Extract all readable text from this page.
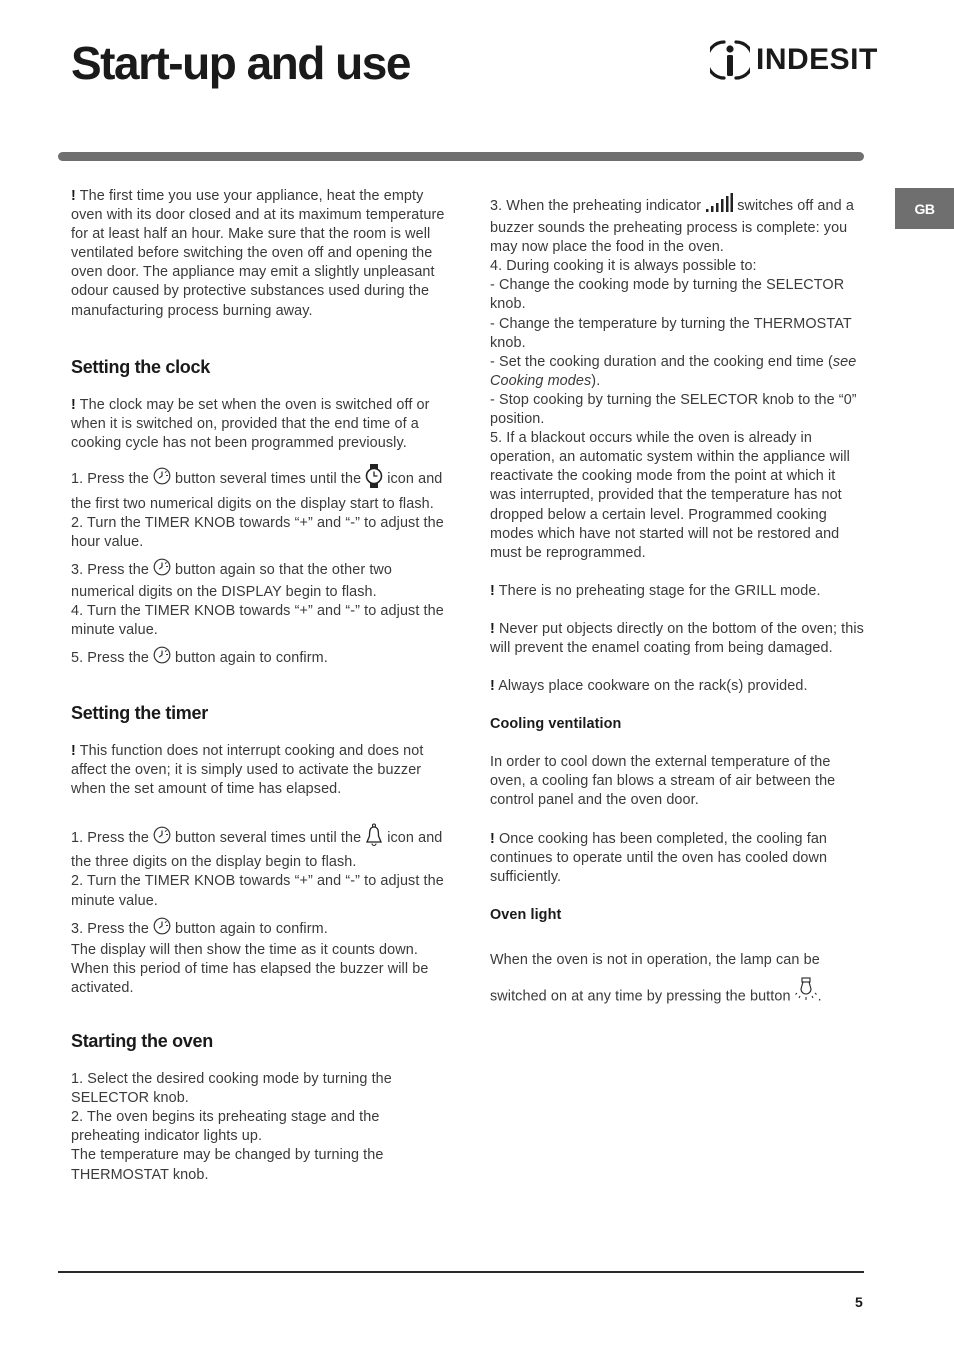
Start-up and use	INDESIT
GB

! The first time you use your appliance, heat the empty oven with its door closed and at its maximum temperature for at least half an hour. Make sure that the room is well ventilated before switching the oven off and opening the oven door. The appliance may emit a slightly unpleasant odour caused by protective substances used during the manufacturing process burning away.

Setting the clock

! The clock may be set when the oven is switched off or when it is switched on, provided that the end time of a cooking cycle has not been programmed previously.

1. Press the button several times until the icon and the first two numerical digits on the display start to flash.

2. Turn the TIMER KNOB towards “+” and “-” to adjust the hour value.

3. Press the button again so that the other two numerical digits on the DISPLAY begin to flash.

4. Turn the TIMER KNOB towards “+” and “-” to adjust the minute value.

5. Press the button again to confirm.

Setting the timer

! This function does not interrupt cooking and does not affect the oven; it is simply used to activate the buzzer when the set amount of time has elapsed.

1. Press the button several times until the icon and the three digits on the display begin to flash.

2. Turn the TIMER KNOB towards “+” and “-” to adjust the minute value.

3. Press the button again to confirm.

The display will then show the time as it counts down. When this period of time has elapsed the buzzer will be activated.

Starting the oven

1. Select the desired cooking mode by turning the SELECTOR knob.

2. The oven begins its preheating stage and the preheating indicator lights up.

The temperature may be changed by turning the THERMOSTAT knob.

3. When the preheating indicator	switches off and a buzzer sounds the preheating process is complete: you may now place the food in the oven.

4. During cooking it is always possible to:

- Change the cooking mode by turning the SELECTOR knob.

- Change the temperature by turning the THERMOSTAT knob.

- Set the cooking duration and the cooking end time (see Cooking modes).

- Stop cooking by turning the SELECTOR knob to the “0” position.

5. If a blackout occurs while the oven is already in operation, an automatic system within the appliance will reactivate the cooking mode from the point at which it was interrupted, provided that the temperature has not dropped below a certain level. Programmed cooking modes which have not started will not be restored and must be reprogrammed.

! There is no preheating stage for the GRILL mode.

! Never put objects directly on the bottom of the oven; this will prevent the enamel coating from being damaged.

! Always place cookware on the rack(s) provided.

Cooling ventilation

In order to cool down the external temperature of the oven, a cooling fan blows a stream of air between the control panel and the oven door.

! Once cooking has been completed, the cooling fan continues to operate until the oven has cooled down sufficiently.

Oven light

When the oven is not in operation, the lamp can be switched on at any time by pressing the button .

5
